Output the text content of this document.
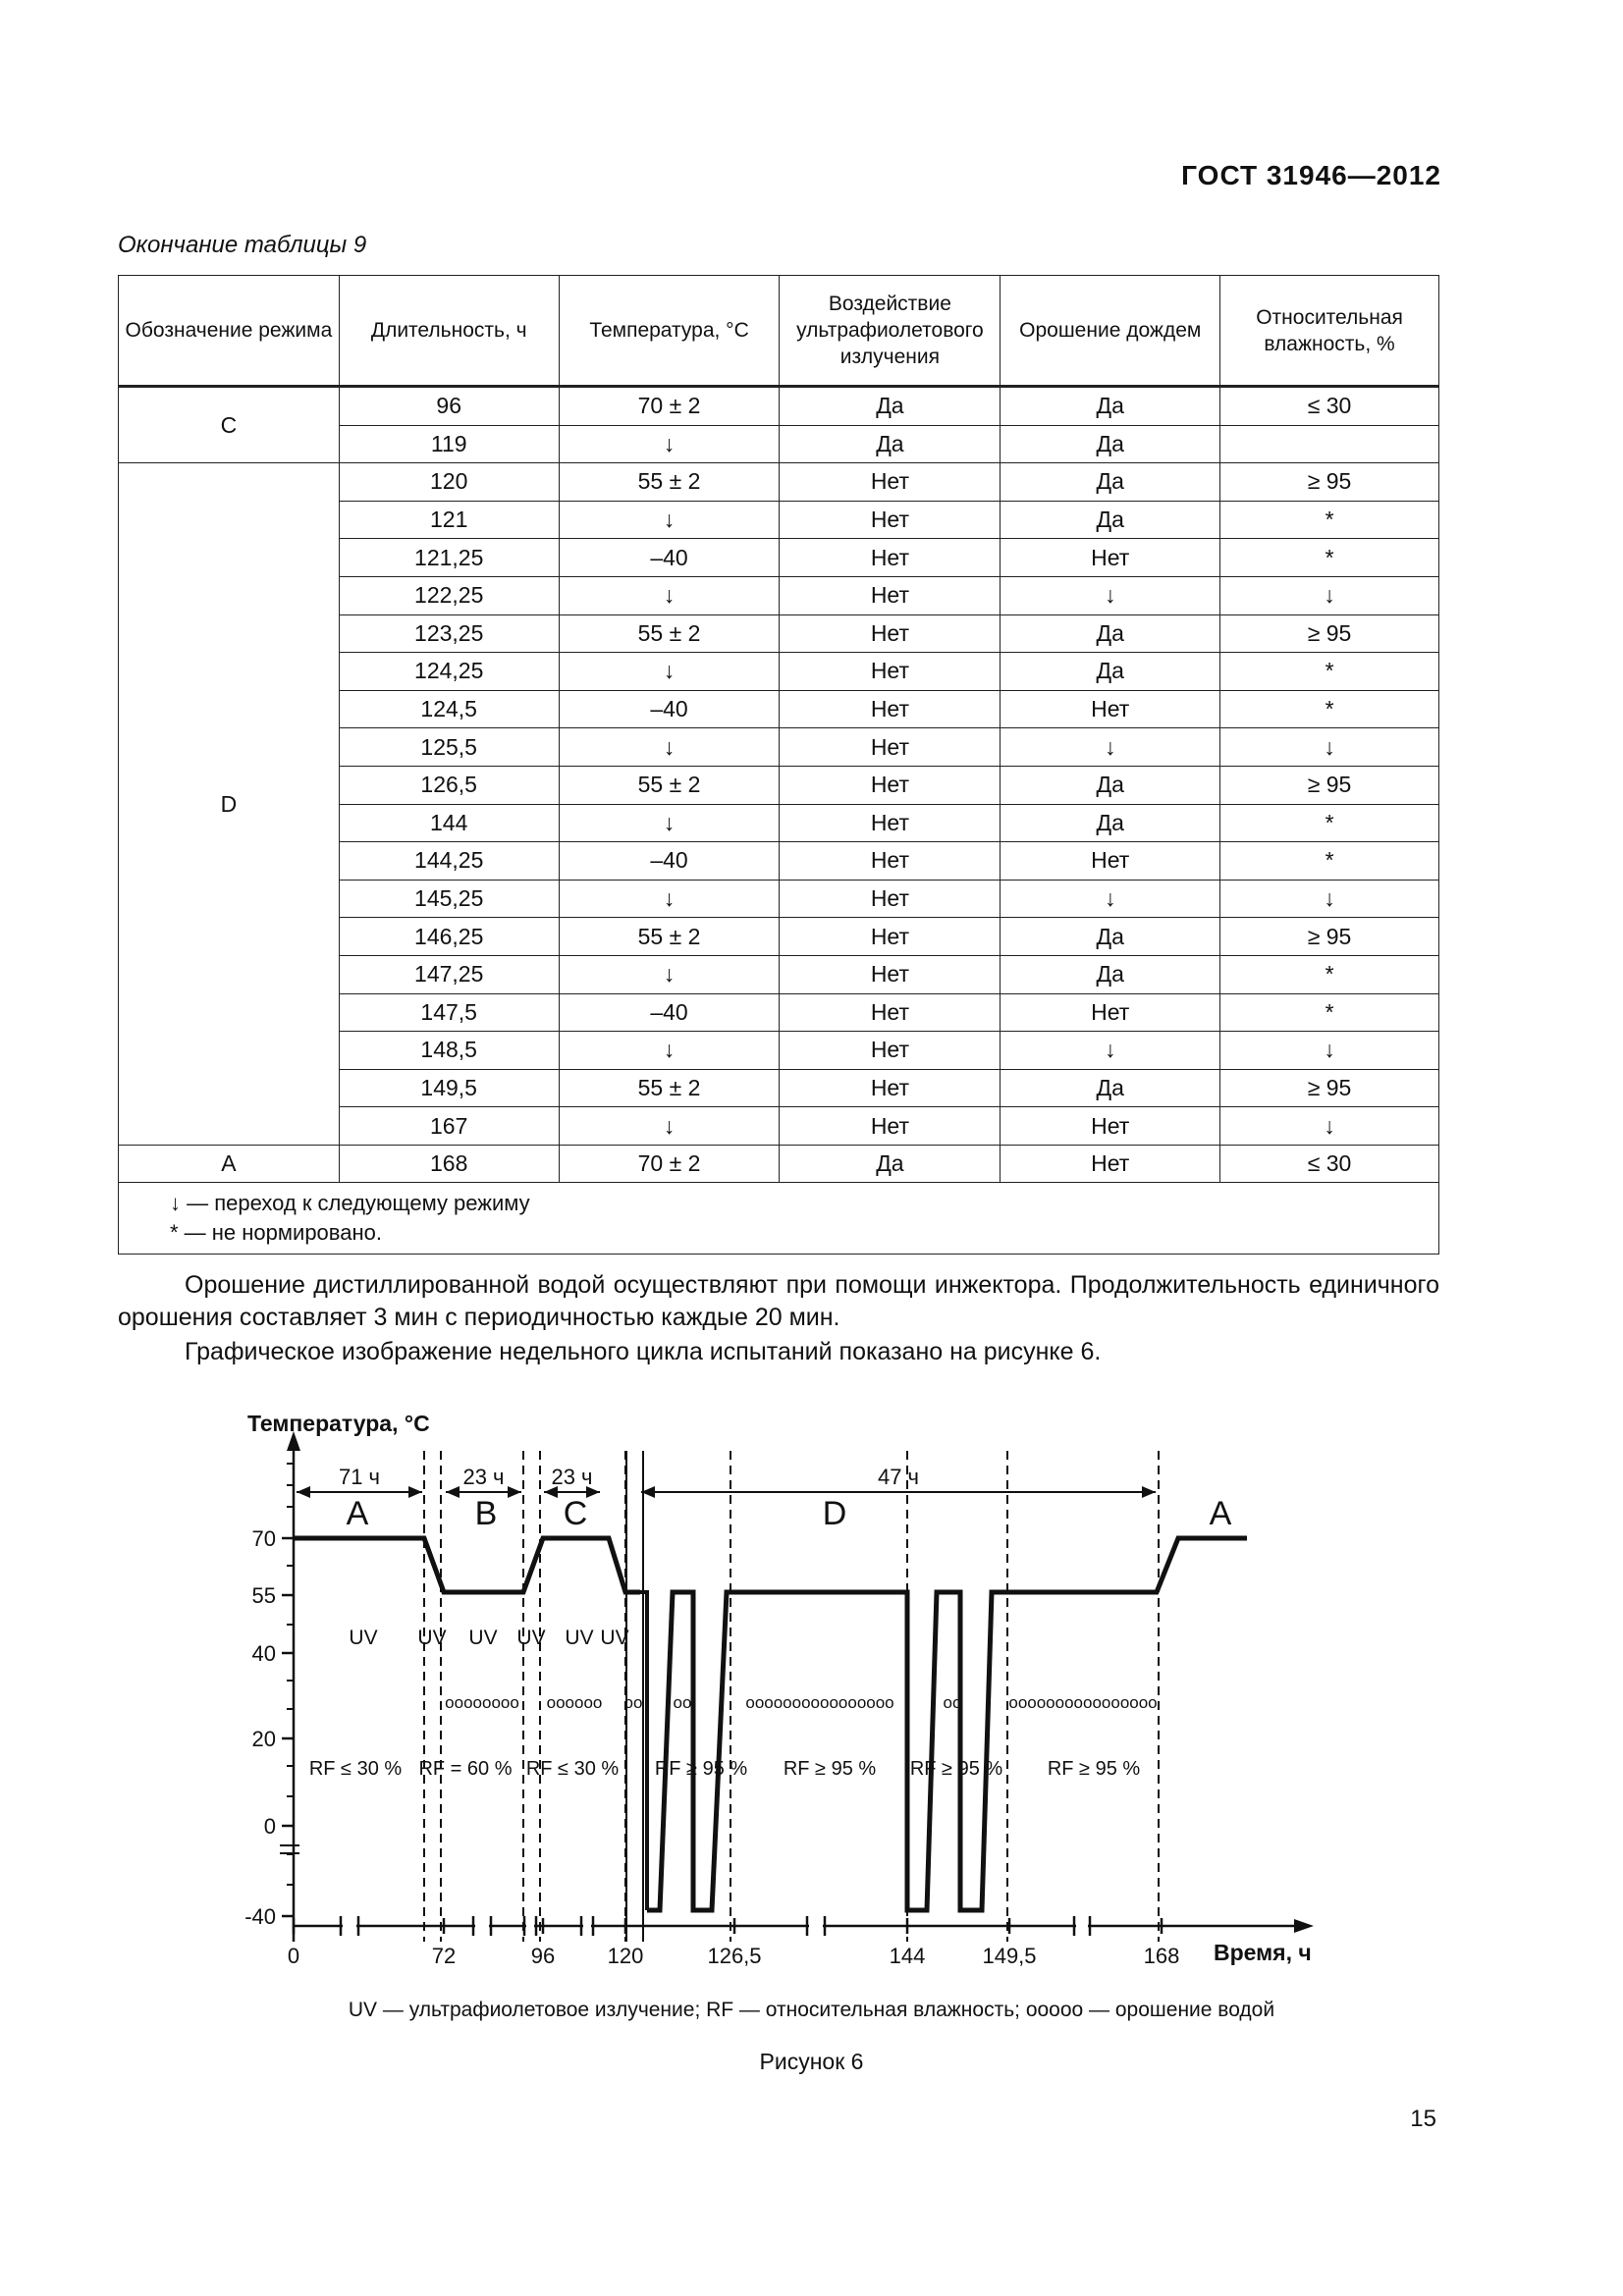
ГОСТ 31946—2012
Окончание таблицы 9
Обозначение режима	Длительность, ч	Температура, °С	Воздействие ультрафиолетового излучения	Орошение дождем	Относительная влажность, %
С	96	70 ± 2	Да	Да	≤ 30
	119	↓	Да	Да	
D	120	55 ± 2	Нет	Да	≥ 95
	121	↓	Нет	Да	*
	121,25	–40	Нет	Нет	*
	122,25	↓	Нет	↓	↓
	123,25	55 ± 2	Нет	Да	≥ 95
	124,25	↓	Нет	Да	*
	124,5	–40	Нет	Нет	*
	125,5	↓	Нет	↓	↓
	126,5	55 ± 2	Нет	Да	≥ 95
	144	↓	Нет	Да	*
	144,25	–40	Нет	Нет	*
	145,25	↓	Нет	↓	↓
	146,25	55 ± 2	Нет	Да	≥ 95
	147,25	↓	Нет	Да	*
	147,5	–40	Нет	Нет	*
	148,5	↓	Нет	↓	↓
	149,5	55 ± 2	Нет	Да	≥ 95
	167	↓	Нет	Нет	↓
А	168	70 ± 2	Да	Нет	≤ 30

↓ — переход к следующему режиму
* — не нормировано.					

Орошение дистиллированной водой осуществляют при помощи инжектора. Продолжительность единичного орошения составляет 3 мин с периодичностью каждые 20 мин.

Графическое изображение недельного цикла испытаний показано на рисунке 6.

Температура, °С
Время, ч
70
55
40
20
0
-40
0	72	96 120	126,5	144	149,5	168
71 ч	23 ч 23 ч	47 ч
A	B C	D	A
UV UV UV UV UV UV
oooooooo oooooo oo oo	oooooooooooooooo	oo	oooooooooooooooo
RF ≤ 30 % RF = 60 % RF ≤ 30 % RF ≥ 95 % RF ≥ 95 % RF ≥ 95 % RF ≥ 95 %
UV — ультрафиолетовое излучение; RF — относительная влажность; ооооо — орошение водой
Рисунок 6
15
